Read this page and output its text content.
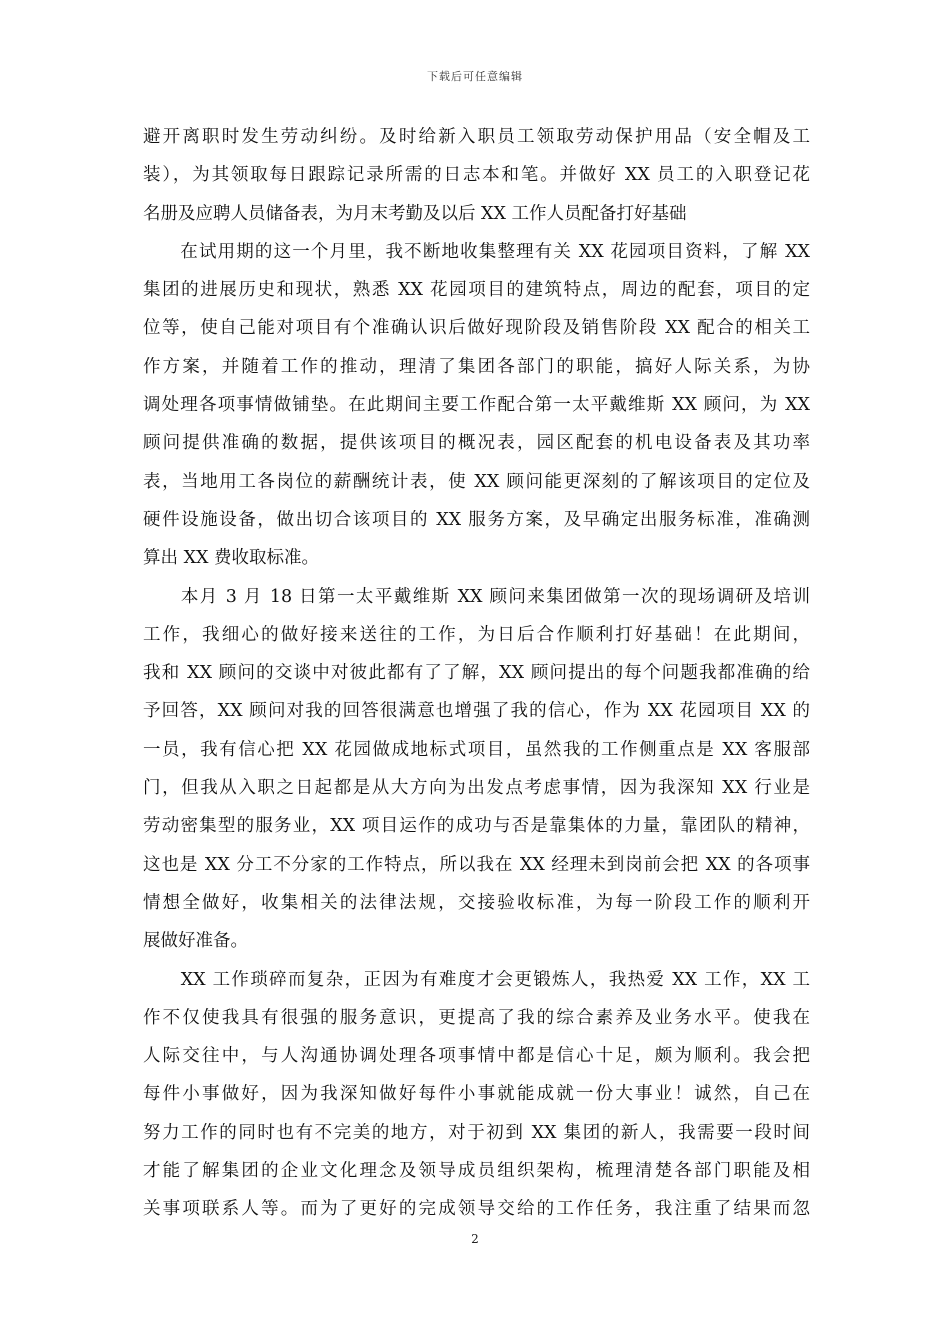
下载后可任意编辑
避开离职时发生劳动纠纷。及时给新入职员工领取劳动保护用品（安全帽及工
装），为其领取每日跟踪记录所需的日志本和笔。并做好 XX 员工的入职登记花
名册及应聘人员储备表，为月末考勤及以后 XX 工作人员配备打好基础
　　在试用期的这一个月里，我不断地收集整理有关 XX 花园项目资料，了解 XX
集团的进展历史和现状，熟悉 XX 花园项目的建筑特点，周边的配套，项目的定
位等，使自己能对项目有个准确认识后做好现阶段及销售阶段 XX 配合的相关工
作方案，并随着工作的推动，理清了集团各部门的职能，搞好人际关系，为协
调处理各项事情做铺垫。在此期间主要工作配合第一太平戴维斯 XX 顾问，为 XX
顾问提供准确的数据，提供该项目的概况表，园区配套的机电设备表及其功率
表，当地用工各岗位的薪酬统计表，使 XX 顾问能更深刻的了解该项目的定位及
硬件设施设备，做出切合该项目的 XX 服务方案，及早确定出服务标准，准确测
算出 XX 费收取标准。
　　本月 3 月 18 日第一太平戴维斯 XX 顾问来集团做第一次的现场调研及培训
工作，我细心的做好接来送往的工作，为日后合作顺利打好基础！在此期间，
我和 XX 顾问的交谈中对彼此都有了了解，XX 顾问提出的每个问题我都准确的给
予回答，XX 顾问对我的回答很满意也增强了我的信心，作为 XX 花园项目 XX 的
一员，我有信心把 XX 花园做成地标式项目，虽然我的工作侧重点是 XX 客服部
门，但我从入职之日起都是从大方向为出发点考虑事情，因为我深知 XX 行业是
劳动密集型的服务业，XX 项目运作的成功与否是靠集体的力量，靠团队的精神，
这也是 XX 分工不分家的工作特点，所以我在 XX 经理未到岗前会把 XX 的各项事
情想全做好，收集相关的法律法规，交接验收标准，为每一阶段工作的顺利开
展做好准备。
　　XX 工作琐碎而复杂，正因为有难度才会更锻炼人，我热爱 XX 工作，XX 工
作不仅使我具有很强的服务意识，更提高了我的综合素养及业务水平。使我在
人际交往中，与人沟通协调处理各项事情中都是信心十足，颇为顺利。我会把
每件小事做好，因为我深知做好每件小事就能成就一份大事业！诚然，自己在
努力工作的同时也有不完美的地方，对于初到 XX 集团的新人，我需要一段时间
才能了解集团的企业文化理念及领导成员组织架构，梳理清楚各部门职能及相
关事项联系人等。而为了更好的完成领导交给的工作任务，我注重了结果而忽
2
